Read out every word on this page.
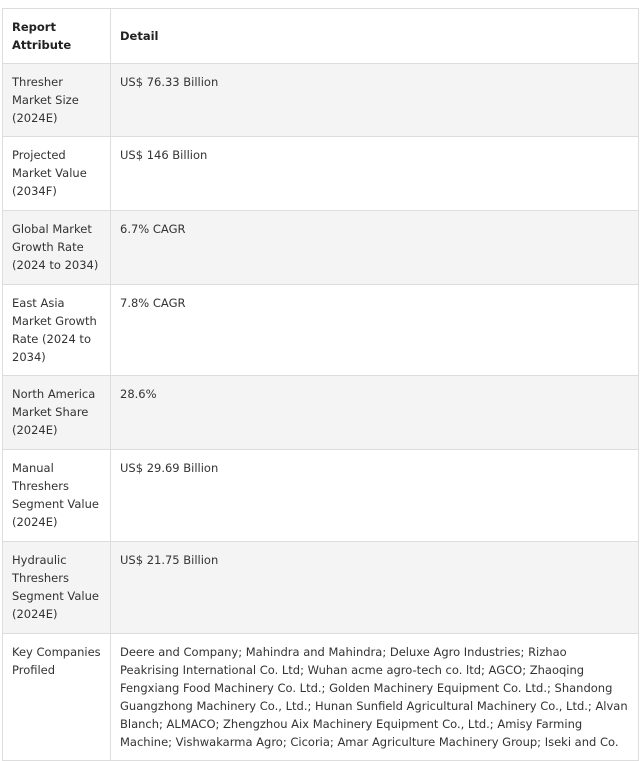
Report Attribute	Detail
Thresher Market Size (2024E)	US$ 76.33 Billion
Projected Market Value (2034F)	US$ 146 Billion
Global Market Growth Rate (2024 to 2034)	6.7% CAGR
East Asia Market Growth Rate (2024 to 2034)	7.8% CAGR
North America Market Share (2024E)	28.6%
Manual Threshers Segment Value (2024E)	US$ 29.69 Billion
Hydraulic Threshers Segment Value (2024E)	US$ 21.75 Billion
Key Companies Profiled	Deere and Company; Mahindra and Mahindra; Deluxe Agro Industries; Rizhao Peakrising International Co. Ltd; Wuhan acme agro-tech co. ltd; AGCO; Zhaoqing Fengxiang Food Machinery Co. Ltd.; Golden Machinery Equipment Co. Ltd.; Shandong Guangzhong Machinery Co., Ltd.; Hunan Sunfield Agricultural Machinery Co., Ltd.; Alvan Blanch; ALMACO; Zhengzhou Aix Machinery Equipment Co., Ltd.; Amisy Farming Machine; Vishwakarma Agro; Cicoria; Amar Agriculture Machinery Group; Iseki and Co.
